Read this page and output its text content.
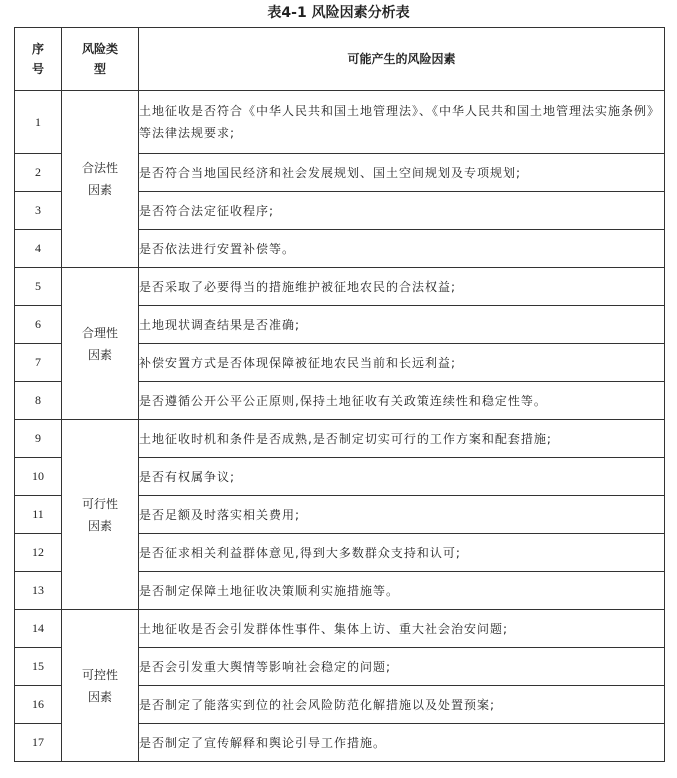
表4-1 风险因素分析表
序号	风险类型	可能产生的风险因素
1	合法性因素	土地征收是否符合《中华人民共和国土地管理法》、《中华人民共和国土地管理法实施条例》等法律法规要求;
2		是否符合当地国民经济和社会发展规划、国土空间规划及专项规划;
3		是否符合法定征收程序;
4		是否依法进行安置补偿等。
5	合理性因素	是否采取了必要得当的措施维护被征地农民的合法权益;
6		土地现状调查结果是否准确;
7		补偿安置方式是否体现保障被征地农民当前和长远利益;
8		是否遵循公开公平公正原则,保持土地征收有关政策连续性和稳定性等。
9	可行性因素	土地征收时机和条件是否成熟,是否制定切实可行的工作方案和配套措施;
10		是否有权属争议;
11		是否足额及时落实相关费用;
12		是否征求相关利益群体意见,得到大多数群众支持和认可;
13		是否制定保障土地征收决策顺利实施措施等。
14	可控性因素	土地征收是否会引发群体性事件、集体上访、重大社会治安问题;
15		是否会引发重大舆情等影响社会稳定的问题;
16		是否制定了能落实到位的社会风险防范化解措施以及处置预案;
17		是否制定了宣传解释和舆论引导工作措施。
